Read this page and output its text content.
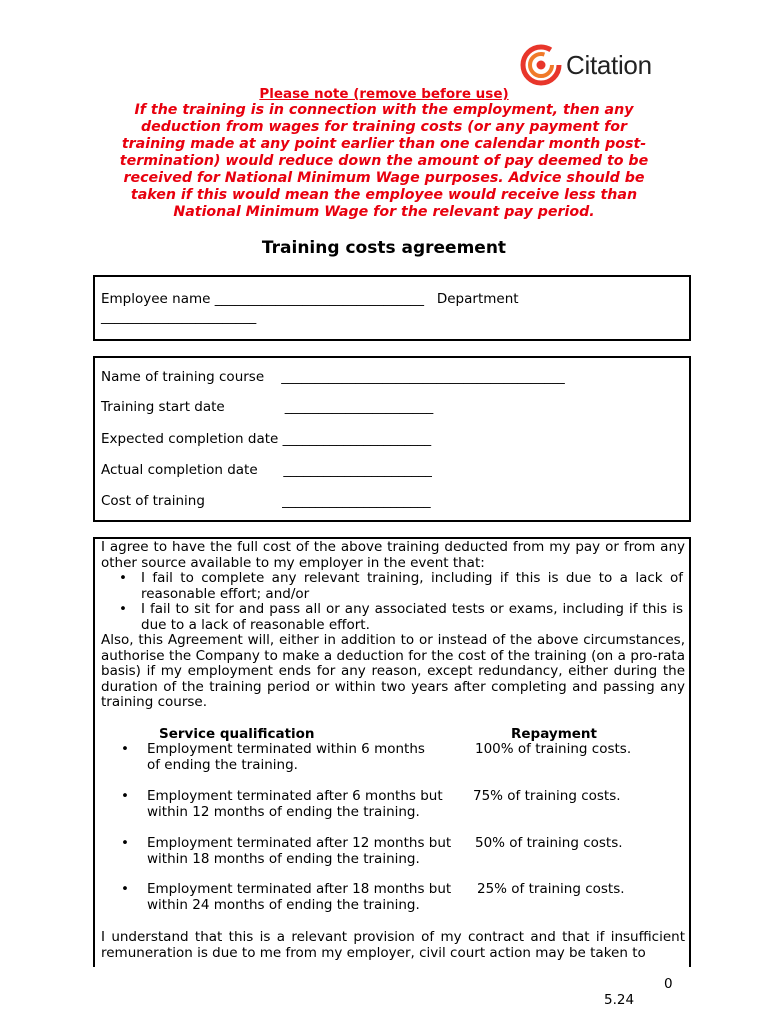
Citation
Please note (remove before use)
If the training is in connection with the employment, then any
deduction from wages for training costs (or any payment for
training made at any point earlier than one calendar month post-
termination) would reduce down the amount of pay deemed to be
received for National Minimum Wage purposes. Advice should be
taken if this would mean the employee would receive less than
National Minimum Wage for the relevant pay period.
Training costs agreement
Employee name _______________________________   Department
_______________________
Name of training course    __________________________________________
Training start date              ______________________
Expected completion date ______________________
Actual completion date      ______________________
Cost of training                  ______________________

I agree to have the full cost of the above training deducted from my pay or from any other source available to my employer in the event that:

• I fail to complete any relevant training, including if this is due to a lack of reasonable effort; and/or
• I fail to sit for and pass all or any associated tests or exams, including if this is due to a lack of reasonable effort.

Also, this Agreement will, either in addition to or instead of the above circumstances, authorise the Company to make a deduction for the cost of the training (on a pro-rata basis) if my employment ends for any reason, except redundancy, either during the duration of the training period or within two years after completing and passing any training course.

Service qualification	Repayment
• Employment terminated within 6 months
of ending the training.
100% of training costs.
• Employment terminated after 6 months but
within 12 months of ending the training.
75% of training costs.
• Employment terminated after 12 months but
within 18 months of ending the training.
50% of training costs.
• Employment terminated after 18 months but
within 24 months of ending the training.
25% of training costs.

I understand that this is a relevant provision of my contract and that if insufficient remuneration is due to me from my employer, civil court action may be taken to

0
5.24
